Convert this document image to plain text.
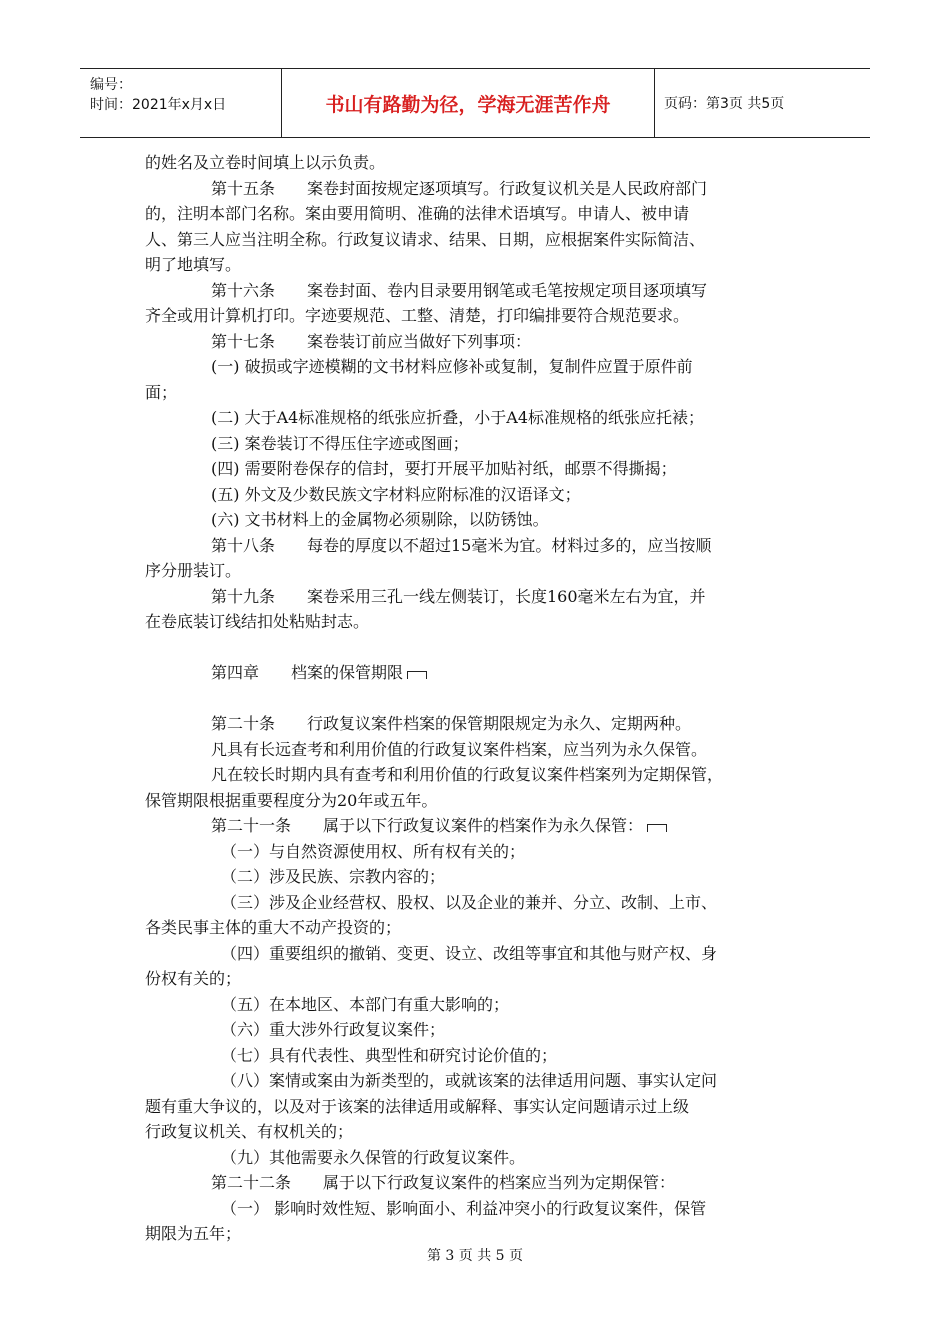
编号：
时间：2021年x月x日	书山有路勤为径，学海无涯苦作舟	页码：第3页 共5页
的姓名及立卷时间填上以示负责。
第十五条　　案卷封面按规定逐项填写。行政复议机关是人民政府部门
的，注明本部门名称。案由要用简明、准确的法律术语填写。申请人、被申请
人、第三人应当注明全称。行政复议请求、结果、日期，应根据案件实际简洁、
明了地填写。
第十六条　　案卷封面、卷内目录要用钢笔或毛笔按规定项目逐项填写
齐全或用计算机打印。字迹要规范、工整、清楚，打印编排要符合规范要求。
第十七条　　案卷装订前应当做好下列事项：
(一) 破损或字迹模糊的文书材料应修补或复制，复制件应置于原件前
面；
(二) 大于A4标准规格的纸张应折叠，小于A4标准规格的纸张应托裱；
(三) 案卷装订不得压住字迹或图画；
(四) 需要附卷保存的信封，要打开展平加贴衬纸，邮票不得撕揭；
(五) 外文及少数民族文字材料应附标准的汉语译文；
(六) 文书材料上的金属物必须剔除，以防锈蚀。
第十八条　　每卷的厚度以不超过15毫米为宜。材料过多的，应当按顺
序分册装订。
第十九条　　案卷采用三孔一线左侧装订，长度160毫米左右为宜，并
在卷底装订线结扣处粘贴封志。
第四章　　档案的保管期限
第二十条　　行政复议案件档案的保管期限规定为永久、定期两种。
凡具有长远查考和利用价值的行政复议案件档案，应当列为永久保管。
凡在较长时期内具有查考和利用价值的行政复议案件档案列为定期保管，
保管期限根据重要程度分为20年或五年。
第二十一条　　属于以下行政复议案件的档案作为永久保管：
（一）与自然资源使用权、所有权有关的；
（二）涉及民族、宗教内容的；
（三）涉及企业经营权、股权、以及企业的兼并、分立、改制、上市、
各类民事主体的重大不动产投资的；
（四）重要组织的撤销、变更、设立、改组等事宜和其他与财产权、身
份权有关的；
（五）在本地区、本部门有重大影响的；
（六）重大涉外行政复议案件；
（七）具有代表性、典型性和研究讨论价值的；
（八）案情或案由为新类型的，或就该案的法律适用问题、事实认定问
题有重大争议的，以及对于该案的法律适用或解释、事实认定问题请示过上级
行政复议机关、有权机关的；
（九）其他需要永久保管的行政复议案件。
第二十二条　　属于以下行政复议案件的档案应当列为定期保管：
（一） 影响时效性短、影响面小、利益冲突小的行政复议案件，保管
期限为五年；
第 3 页 共 5 页
